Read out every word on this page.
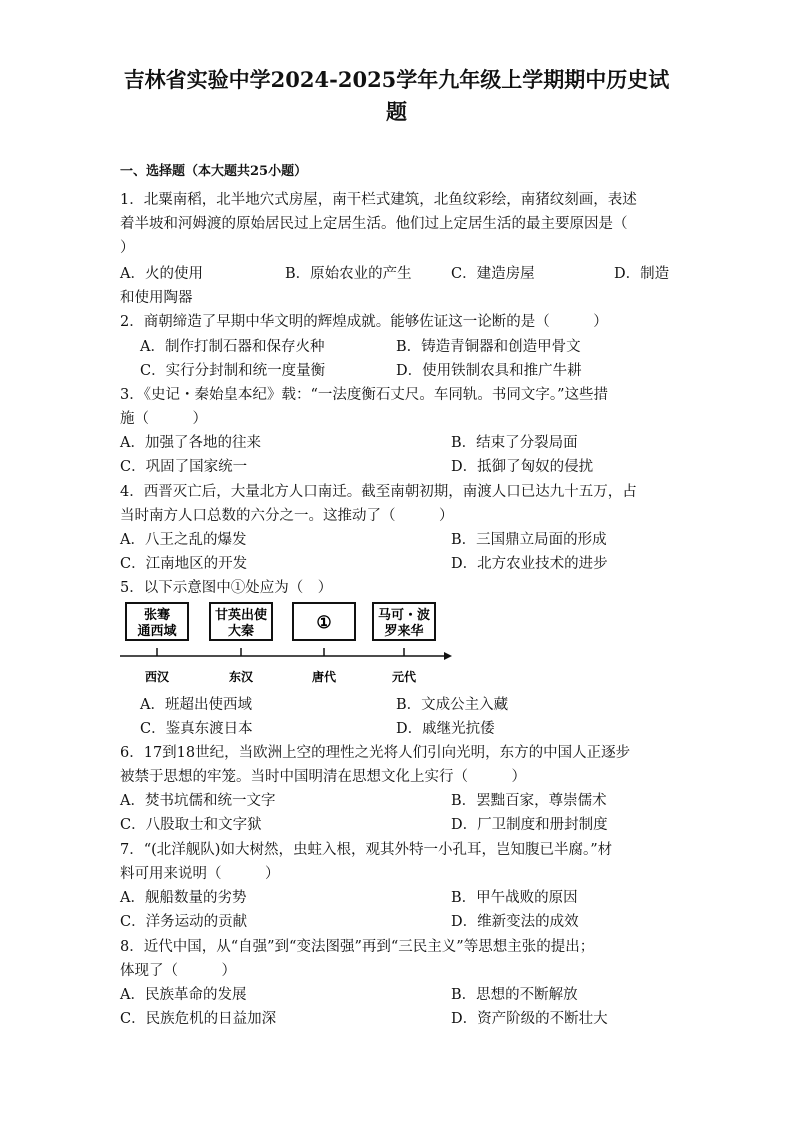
吉林省实验中学2024-2025学年九年级上学期期中历史试
题
一、选择题（本大题共25小题）
1．北粟南稻，北半地穴式房屋，南干栏式建筑，北鱼纹彩绘，南猪纹刻画，表述
着半坡和河姆渡的原始居民过上定居生活。他们过上定居生活的最主要原因是（
）
A．火的使用	B．原始农业的产生	C．建造房屋	D．制造
和使用陶器
2．商朝缔造了早期中华文明的辉煌成就。能够佐证这一论断的是（　　　）
A．制作打制石器和保存火种	B．铸造青铜器和创造甲骨文
C．实行分封制和统一度量衡	D．使用铁制农具和推广牛耕
3．《史记・秦始皇本纪》载：“一法度衡石丈尺。车同轨。书同文字。”这些措
施（　　　）
A．加强了各地的往来	B．结束了分裂局面
C．巩固了国家统一	D．抵御了匈奴的侵扰
4．西晋灭亡后，大量北方人口南迁。截至南朝初期，南渡人口已达九十五万，占
当时南方人口总数的六分之一。这推动了（　　　）
A．八王之乱的爆发	B．三国鼎立局面的形成
C．江南地区的开发	D．北方农业技术的进步
5．以下示意图中①处应为（　）
张骞
通西域
甘英出使
大秦	①	马可・波
罗来华
西汉	东汉	唐代	元代
A．班超出使西域	B．文成公主入藏
C．鉴真东渡日本	D．戚继光抗倭
6．17到18世纪，当欧洲上空的理性之光将人们引向光明，东方的中国人正逐步
被禁于思想的牢笼。当时中国明清在思想文化上实行（　　　）
A．焚书坑儒和统一文字	B．罢黜百家，尊崇儒术
C．八股取士和文字狱	D．厂卫制度和册封制度
7．“(北洋舰队)如大树然，虫蛀入根，观其外特一小孔耳，岂知腹已半腐。”材
料可用来说明（　　　）
A．舰船数量的劣势	B．甲午战败的原因
C．洋务运动的贡献	D．维新变法的成效
8．近代中国，从“自强”到“变法图强”再到“三民主义”等思想主张的提出；
体现了（　　　）
A．民族革命的发展	B．思想的不断解放
C．民族危机的日益加深	D．资产阶级的不断壮大
